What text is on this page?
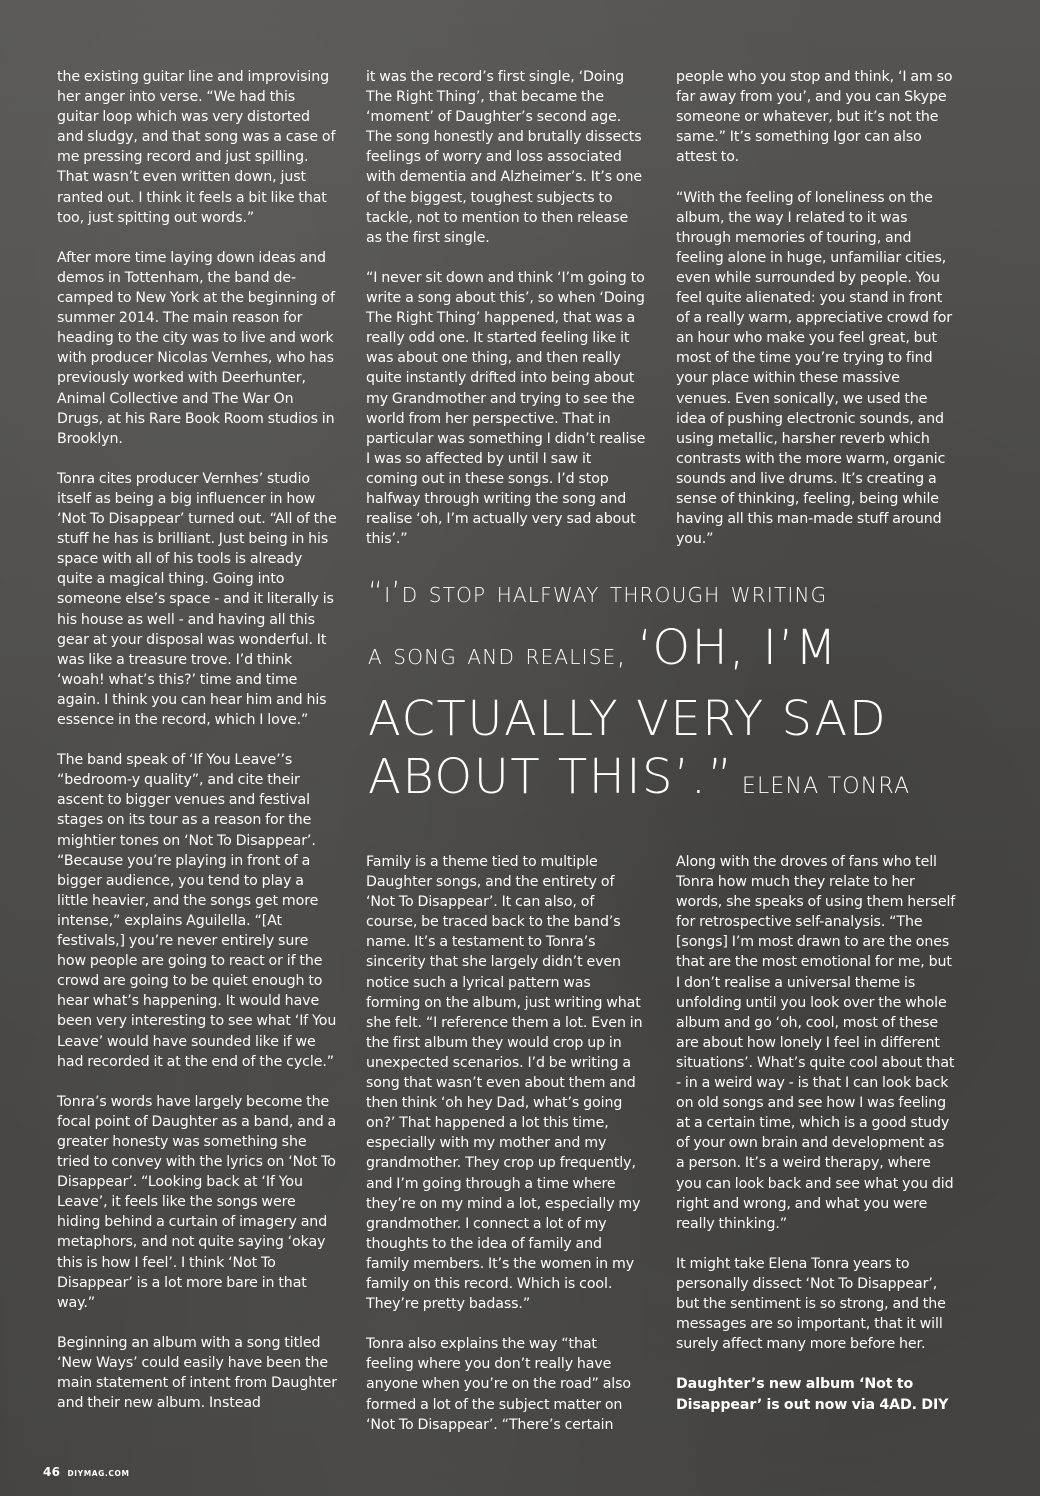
the existing guitar line and improvising her anger into verse. “We had this guitar loop which was very distorted and sludgy, and that song was a case of me pressing record and just spilling. That wasn’t even written down, just ranted out. I think it feels a bit like that too, just spitting out words.”

After more time laying down ideas and demos in Tottenham, the band de-camped to New York at the beginning of summer 2014. The main reason for heading to the city was to live and work with producer Nicolas Vernhes, who has previously worked with Deerhunter, Animal Collective and The War On Drugs, at his Rare Book Room studios in Brooklyn.

Tonra cites producer Vernhes’ studio itself as being a big influencer in how ‘Not To Disappear’ turned out. “All of the stuff he has is brilliant. Just being in his space with all of his tools is already quite a magical thing. Going into someone else’s space - and it literally is his house as well - and having all this gear at your disposal was wonderful. It was like a treasure trove. I’d think ‘woah! what’s this?’ time and time again. I think you can hear him and his essence in the record, which I love.”

The band speak of ‘If You Leave’’s “bedroom-y quality”, and cite their ascent to bigger venues and festival stages on its tour as a reason for the mightier tones on ‘Not To Disappear’. “Because you’re playing in front of a bigger audience, you tend to play a little heavier, and the songs get more intense,” explains Aguilella. “[At festivals,] you’re never entirely sure how people are going to react or if the crowd are going to be quiet enough to hear what’s happening. It would have been very interesting to see what ‘If You Leave’ would have sounded like if we had recorded it at the end of the cycle.”

Tonra’s words have largely become the focal point of Daughter as a band, and a greater honesty was something she tried to convey with the lyrics on ‘Not To Disappear’. “Looking back at ‘If You Leave’, it feels like the songs were hiding behind a curtain of imagery and metaphors, and not quite saying ‘okay this is how I feel’. I think ‘Not To Disappear’ is a lot more bare in that way.”

Beginning an album with a song titled ‘New Ways’ could easily have been the main statement of intent from Daughter and their new album. Instead

it was the record’s first single, ‘Doing The Right Thing’, that became the ‘moment’ of Daughter’s second age. The song honestly and brutally dissects feelings of worry and loss associated with dementia and Alzheimer’s. It’s one of the biggest, toughest subjects to tackle, not to mention to then release as the first single.

“I never sit down and think ‘I’m going to write a song about this’, so when ‘Doing The Right Thing’ happened, that was a really odd one. It started feeling like it was about one thing, and then really quite instantly drifted into being about my Grandmother and trying to see the world from her perspective. That in particular was something I didn’t realise I was so affected by until I saw it coming out in these songs. I’d stop halfway through writing the song and realise ‘oh, I’m actually very sad about this’.”

people who you stop and think, ‘I am so far away from you’, and you can Skype someone or whatever, but it’s not the same.” It’s something Igor can also attest to.

“With the feeling of loneliness on the album, the way I related to it was through memories of touring, and feeling alone in huge, unfamiliar cities, even while surrounded by people. You feel quite alienated: you stand in front of a really warm, appreciative crowd for an hour who make you feel great, but most of the time you’re trying to find your place within these massive venues. Even sonically, we used the idea of pushing electronic sounds, and using metallic, harsher reverb which contrasts with the more warm, organic sounds and live drums. It’s creating a sense of thinking, feeling, being while having all this man-made stuff around you.”

“i’d stop halfway through writing
a song and realise, ‘OH, I’M
ACTUALLY VERY SAD
ABOUT THIS’.” ELENA TONRA

Family is a theme tied to multiple Daughter songs, and the entirety of ‘Not To Disappear’. It can also, of course, be traced back to the band’s name. It’s a testament to Tonra’s sincerity that she largely didn’t even notice such a lyrical pattern was forming on the album, just writing what she felt. “I reference them a lot. Even in the first album they would crop up in unexpected scenarios. I’d be writing a song that wasn’t even about them and then think ‘oh hey Dad, what’s going on?’ That happened a lot this time, especially with my mother and my grandmother. They crop up frequently, and I’m going through a time where they’re on my mind a lot, especially my grandmother. I connect a lot of my thoughts to the idea of family and family members. It’s the women in my family on this record. Which is cool. They’re pretty badass.”

Tonra also explains the way “that feeling where you don’t really have anyone when you’re on the road” also formed a lot of the subject matter on ‘Not To Disappear’. “There’s certain

Along with the droves of fans who tell Tonra how much they relate to her words, she speaks of using them herself for retrospective self-analysis. “The [songs] I’m most drawn to are the ones that are the most emotional for me, but I don’t realise a universal theme is unfolding until you look over the whole album and go ‘oh, cool, most of these are about how lonely I feel in different situations’. What’s quite cool about that - in a weird way - is that I can look back on old songs and see how I was feeling at a certain time, which is a good study of your own brain and development as a person. It’s a weird therapy, where you can look back and see what you did right and wrong, and what you were really thinking.”

It might take Elena Tonra years to personally dissect ‘Not To Disappear’, but the sentiment is so strong, and the messages are so important, that it will surely affect many more before her.

Daughter’s new album ‘Not to Disappear’ is out now via 4AD. DIY

46 DIYMAG.COM
